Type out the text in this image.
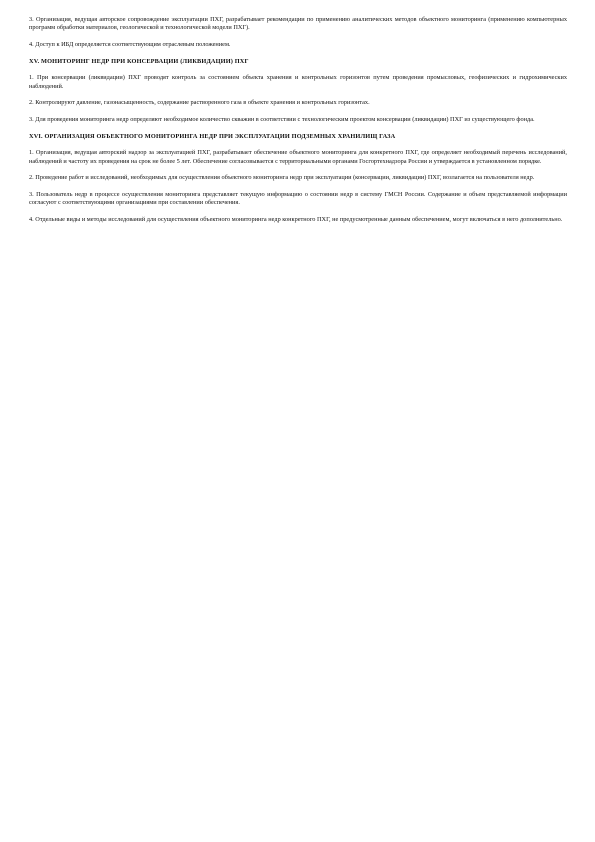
3. Организация, ведущая авторское сопровождение эксплуатации ПХГ, разрабатывает рекомендации по применению аналитических методов объектного мониторинга (применению компьютерных программ обработки материалов, геологической и технологической модели ПХГ).

4. Доступ к ИБД определяется соответствующим отраслевым положением.

XV. МОНИТОРИНГ НЕДР ПРИ КОНСЕРВАЦИИ (ЛИКВИДАЦИИ) ПХГ

1. При консервации (ликвидации) ПХГ проводят контроль за состоянием объекта хранения и контрольных горизонтов путем проведения промысловых, геофизических и гидрохимических наблюдений.

2. Контролируют давление, газонасыщенность, содержание растворенного газа в объекте хранения и контрольных горизонтах.

3. Для проведения мониторинга недр определяют необходимое количество скважин в соответствии с технологическим проектом консервации (ликвидации) ПХГ из существующего фонда.

XVI. ОРГАНИЗАЦИЯ ОБЪЕКТНОГО МОНИТОРИНГА НЕДР ПРИ ЭКСПЛУАТАЦИИ ПОДЗЕМНЫХ ХРАНИЛИЩ ГАЗА

1. Организация, ведущая авторский надзор за эксплуатацией ПХГ, разрабатывает обеспечение объектного мониторинга для конкретного ПХГ, где определяет необходимый перечень исследований, наблюдений и частоту их проведения на срок не более 5 лет. Обеспечение согласовывается с территориальными органами Госгортехнадзора России и утверждается в установленном порядке.

2. Проведение работ и исследований, необходимых для осуществления объектного мониторинга недр при эксплуатации (консервации, ликвидации) ПХГ, возлагается на пользователя недр.

3. Пользователь недр в процессе осуществления мониторинга представляет текущую информацию о состоянии недр в систему ГМСН России. Содержание и объем представляемой информации согласуют с соответствующими организациями при составлении обеспечения.

4. Отдельные виды и методы исследований для осуществления объектного мониторинга недр конкретного ПХГ, не предусмотренные данным обеспечением, могут включаться в него дополнительно.
